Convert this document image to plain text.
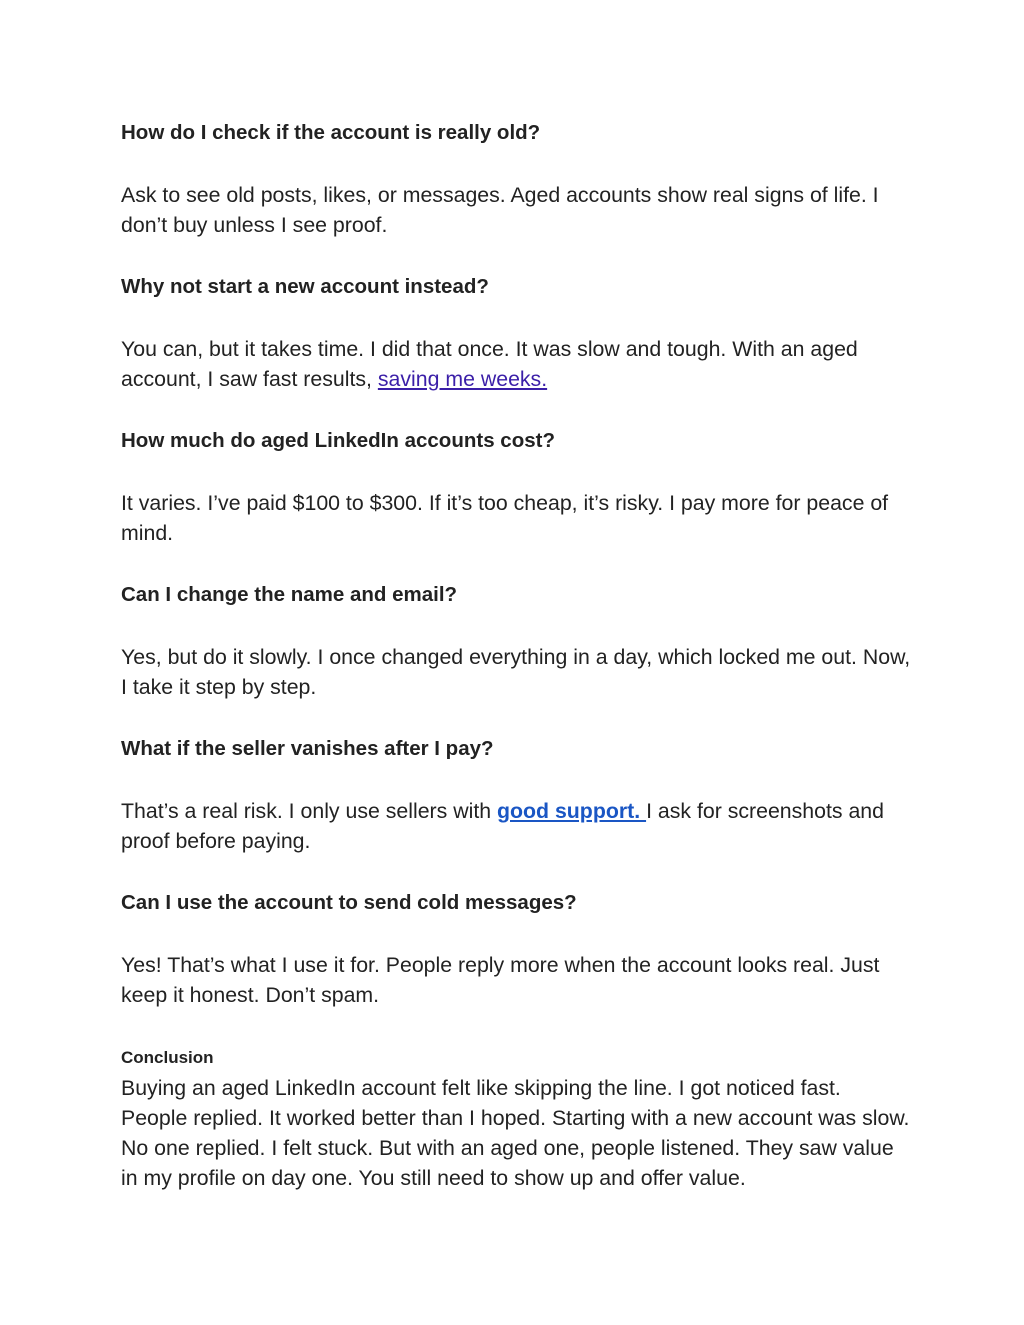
How do I check if the account is really old?

Ask to see old posts, likes, or messages. Aged accounts show real signs of life. I don’t buy unless I see proof.

Why not start a new account instead?

You can, but it takes time. I did that once. It was slow and tough. With an aged account, I saw fast results, saving me weeks.

How much do aged LinkedIn accounts cost?

It varies. I’ve paid $100 to $300. If it’s too cheap, it’s risky. I pay more for peace of mind.

Can I change the name and email?

Yes, but do it slowly. I once changed everything in a day, which locked me out. Now, I take it step by step.

What if the seller vanishes after I pay?

That’s a real risk. I only use sellers with good support. I ask for screenshots and proof before paying.

Can I use the account to send cold messages?

Yes! That’s what I use it for. People reply more when the account looks real. Just keep it honest. Don’t spam.

Conclusion

Buying an aged LinkedIn account felt like skipping the line. I got noticed fast. People replied. It worked better than I hoped. Starting with a new account was slow. No one replied. I felt stuck. But with an aged one, people listened. They saw value in my profile on day one. You still need to show up and offer value.
